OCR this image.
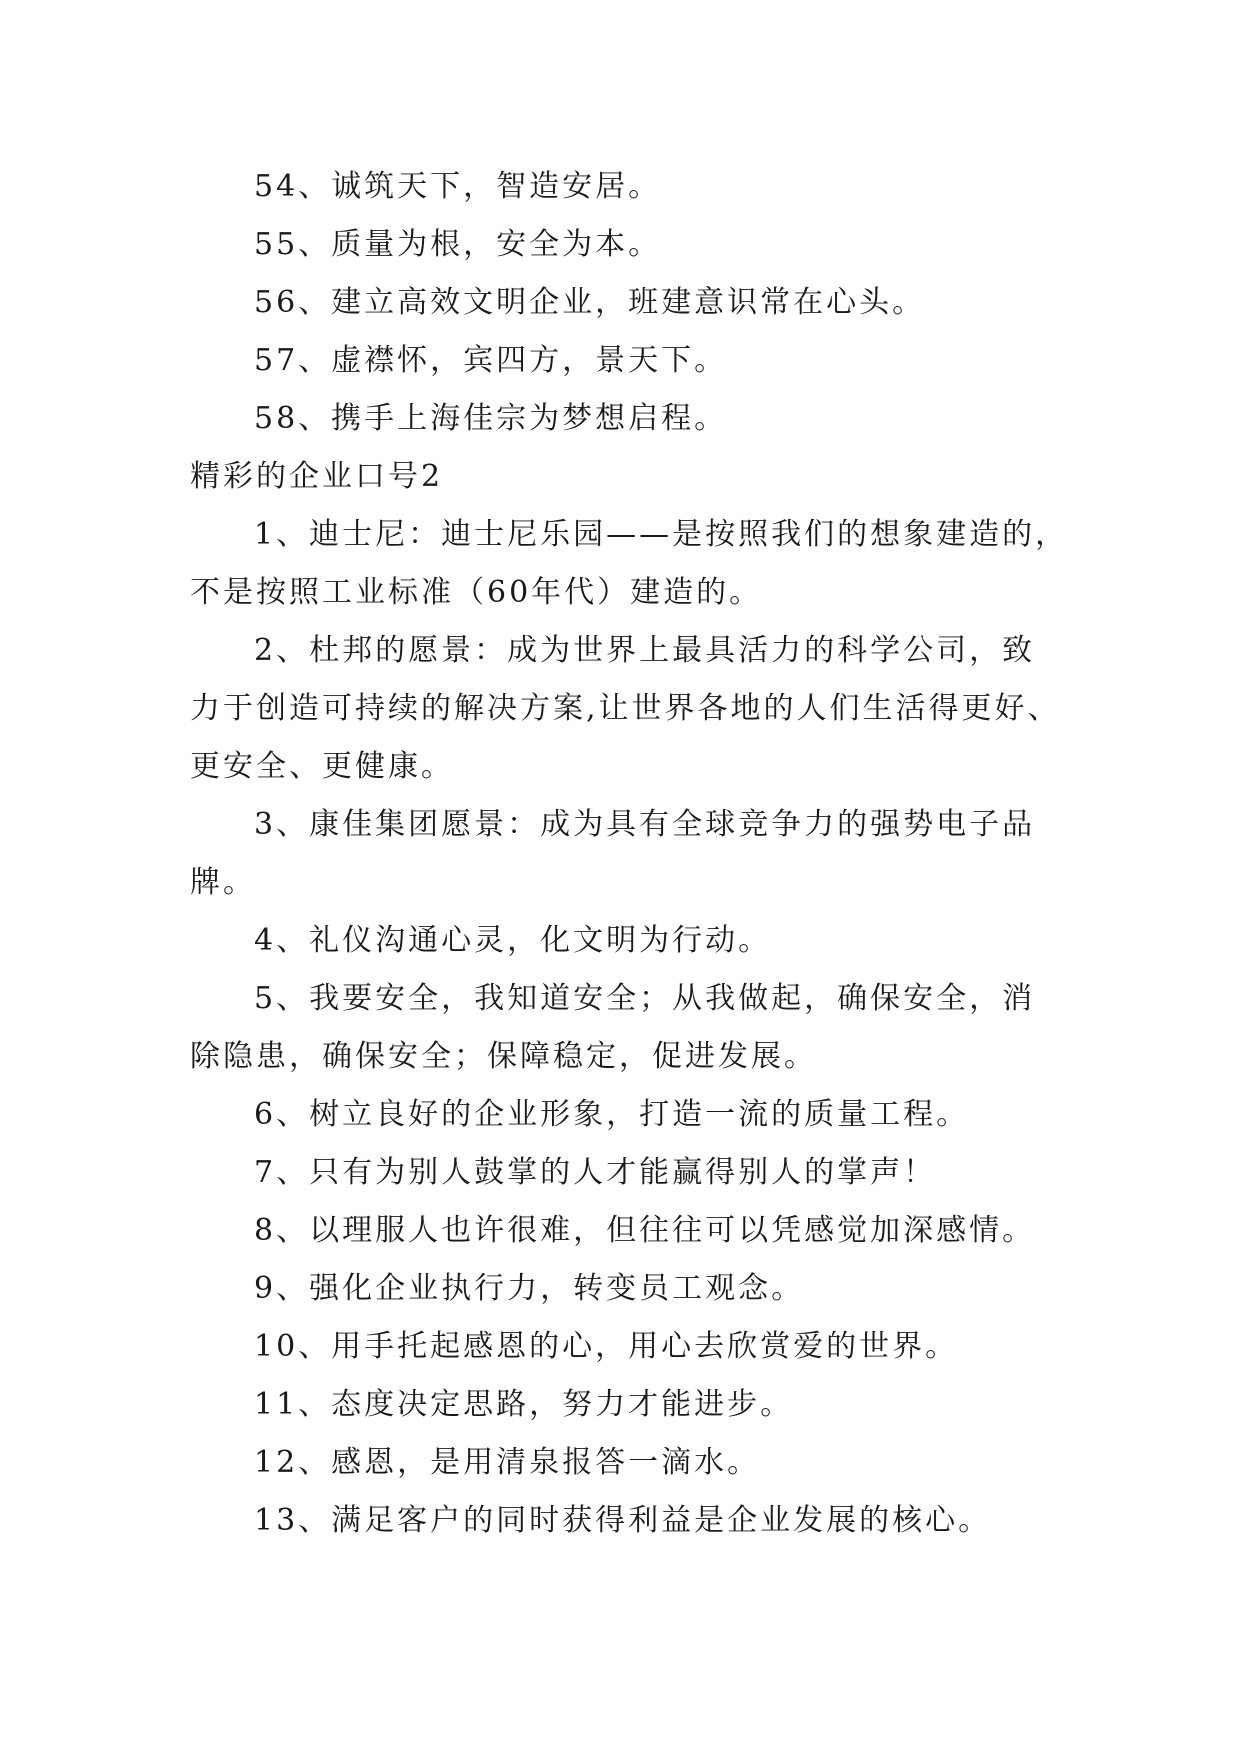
54、诚筑天下，智造安居。
55、质量为根，安全为本。
56、建立高效文明企业，班建意识常在心头。
57、虚襟怀，宾四方，景天下。
58、携手上海佳宗为梦想启程。
精彩的企业口号2
1、迪士尼：迪士尼乐园——是按照我们的想象建造的，
不是按照工业标准（60年代）建造的。
2、杜邦的愿景：成为世界上最具活力的科学公司，致
力于创造可持续的解决方案,让世界各地的人们生活得更好、
更安全、更健康。
3、康佳集团愿景：成为具有全球竞争力的强势电子品
牌。
4、礼仪沟通心灵，化文明为行动。
5、我要安全，我知道安全；从我做起，确保安全，消
除隐患，确保安全；保障稳定，促进发展。
6、树立良好的企业形象，打造一流的质量工程。
7、只有为别人鼓掌的人才能赢得别人的掌声！
8、以理服人也许很难，但往往可以凭感觉加深感情。
9、强化企业执行力，转变员工观念。
10、用手托起感恩的心，用心去欣赏爱的世界。
11、态度决定思路，努力才能进步。
12、感恩，是用清泉报答一滴水。
13、满足客户的同时获得利益是企业发展的核心。
